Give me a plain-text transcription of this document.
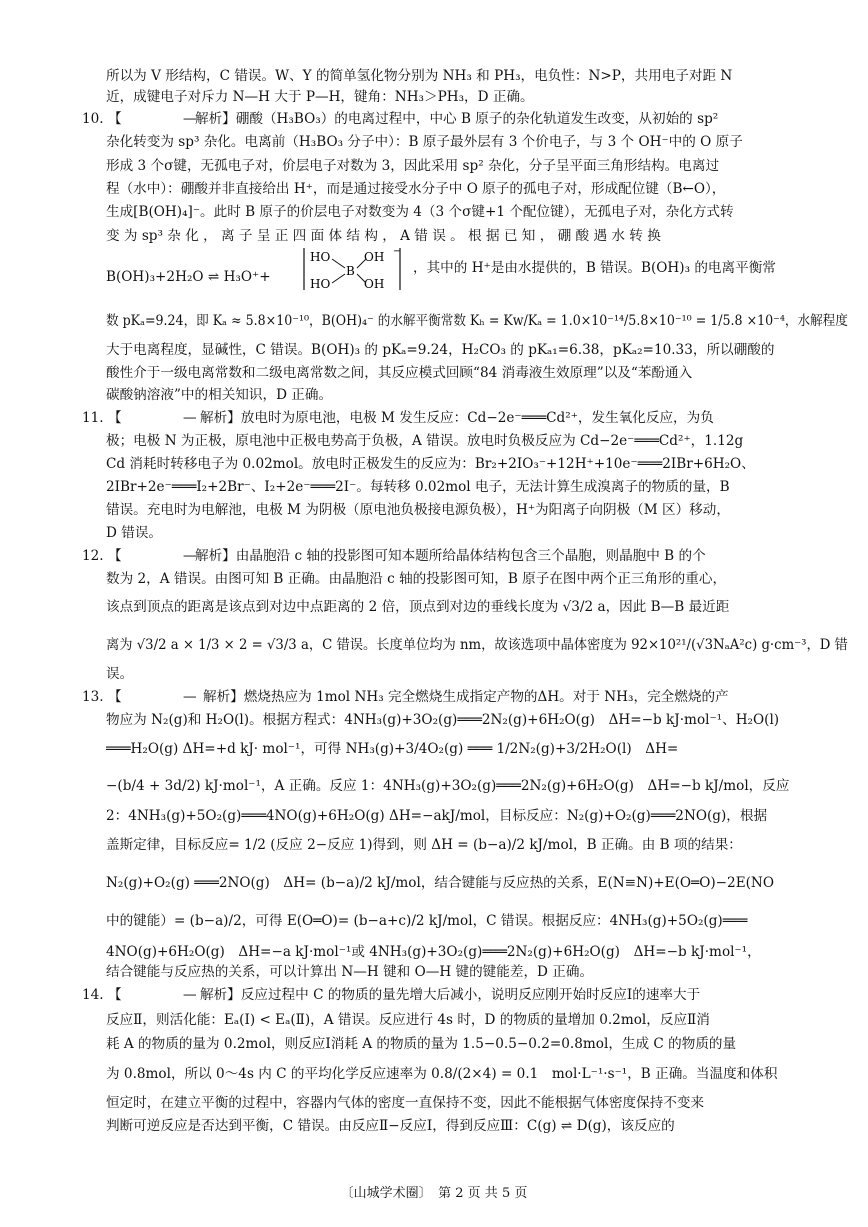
所以为 V 形结构，C 错误。W、Y 的简单氢化物分别为 NH₃ 和 PH₃，电负性：N>P，共用电子对距 N
近，成键电子对斥力 N—H 大于 P—H，键角：NH₃＞PH₃，D 正确。
解析】硼酸（H₃BO₃）的电离过程中，中心 B 原子的杂化轨道发生改变，从初始的 sp²
杂化转变为 sp³ 杂化。电离前（H₃BO₃ 分子中）：B 原子最外层有 3 个价电子，与 3 个 OH⁻中的 O 原子
形成 3 个σ键，无孤电子对，价层电子对数为 3，因此采用 sp² 杂化，分子呈平面三角形结构。电离过
程（水中）：硼酸并非直接给出 H⁺，而是通过接受水分子中 O 原子的孤电子对，形成配位键（B←O），
生成[B(OH)₄]⁻。此时 B 原子的价层电子对数变为 4（3 个σ键+1 个配位键），无孤电子对，杂化方式转
变 为 sp³ 杂 化 ， 离 子 呈 正 四 面 体 结 构 ， A 错 误 。 根 据 已 知 ， 硼 酸 遇 水 转 换
B(OH)₃+2H₂O ⇌ H₃O⁺+
，其中的 H⁺是由水提供的，B 错误。B(OH)₃ 的电离平衡常
数 pKₐ=9.24，即 Kₐ ≈ 5.8×10⁻¹⁰，B(OH)₄⁻ 的水解平衡常数 Kₕ = Kw/Kₐ = 1.0×10⁻¹⁴/5.8×10⁻¹⁰ = 1/5.8 ×10⁻⁴，水解程度
大于电离程度，显碱性，C 错误。B(OH)₃ 的 pKₐ=9.24，H₂CO₃ 的 pKₐ₁=6.38，pKₐ₂=10.33，所以硼酸的
酸性介于一级电离常数和二级电离常数之间，其反应模式回顾“84 消毒液生效原理”以及“苯酚通入
碳酸钠溶液”中的相关知识，D 正确。
解析】放电时为原电池，电极 M 发生反应：Cd−2e⁻═══Cd²⁺，发生氧化反应，为负
极；电极 N 为正极，原电池中正极电势高于负极，A 错误。放电时负极反应为 Cd−2e⁻═══Cd²⁺，1.12g
Cd 消耗时转移电子为 0.02mol。放电时正极发生的反应为：Br₂+2IO₃⁻+12H⁺+10e⁻═══2IBr+6H₂O、
2IBr+2e⁻═══I₂+2Br⁻、I₂+2e⁻═══2I⁻。每转移 0.02mol 电子，无法计算生成溴离子的物质的量，B
错误。充电时为电解池，电极 M 为阴极（原电池负极接电源负极），H⁺为阳离子向阴极（M 区）移动，
D 错误。
解析】由晶胞沿 c 轴的投影图可知本题所给晶体结构包含三个晶胞，则晶胞中 B 的个
数为 2，A 错误。由图可知 B 正确。由晶胞沿 c 轴的投影图可知，B 原子在图中两个正三角形的重心，
该点到顶点的距离是该点到对边中点距离的 2 倍，顶点到对边的垂线长度为 √3/2 a，因此 B—B 最近距
离为 √3/2 a × 1/3 × 2 = √3/3 a，C 错误。长度单位均为 nm，故该选项中晶体密度为 92×10²¹/(√3NₐA²c) g·cm⁻³，D 错
误。
解析】燃烧热应为 1mol NH₃ 完全燃烧生成指定产物的ΔH。对于 NH₃，完全燃烧的产
物应为 N₂(g)和 H₂O(l)。根据方程式：4NH₃(g)+3O₂(g)═══2N₂(g)+6H₂O(g)　ΔH=−b kJ·mol⁻¹、H₂O(l)
═══H₂O(g) ΔH=+d kJ· mol⁻¹，可得 NH₃(g)+3/4O₂(g) ═══ 1/2N₂(g)+3/2H₂O(l)　ΔH=
−(b/4 + 3d/2) kJ·mol⁻¹，A 正确。反应 1：4NH₃(g)+3O₂(g)═══2N₂(g)+6H₂O(g)　ΔH=−b kJ/mol，反应
2：4NH₃(g)+5O₂(g)═══4NO(g)+6H₂O(g) ΔH=−akJ/mol，目标反应：N₂(g)+O₂(g)═══2NO(g)，根据
盖斯定律，目标反应= 1/2 (反应 2−反应 1)得到，则 ΔH = (b−a)/2 kJ/mol，B 正确。由 B 项的结果：
N₂(g)+O₂(g) ═══2NO(g)　ΔH= (b−a)/2 kJ/mol，结合键能与反应热的关系，E(N≡N)+E(O═O)−2E(NO
中的键能）= (b−a)/2，可得 E(O═O)= (b−a+c)/2 kJ/mol，C 错误。根据反应：4NH₃(g)+5O₂(g)═══
4NO(g)+6H₂O(g)　ΔH=−a kJ·mol⁻¹或 4NH₃(g)+3O₂(g)═══2N₂(g)+6H₂O(g)　ΔH=−b kJ·mol⁻¹，
结合键能与反应热的关系，可以计算出 N—H 键和 O—H 键的键能差，D 正确。
解析】反应过程中 C 的物质的量先增大后减小，说明反应刚开始时反应Ⅰ的速率大于
反应Ⅱ，则活化能：Eₐ(Ⅰ) < Eₐ(Ⅱ)，A 错误。反应进行 4s 时，D 的物质的量增加 0.2mol，反应Ⅱ消
耗 A 的物质的量为 0.2mol，则反应Ⅰ消耗 A 的物质的量为 1.5−0.5−0.2=0.8mol，生成 C 的物质的量
为 0.8mol，所以 0～4s 内 C 的平均化学反应速率为 0.8/(2×4) = 0.1　mol·L⁻¹·s⁻¹，B 正确。当温度和体积
恒定时，在建立平衡的过程中，容器内气体的密度一直保持不变，因此不能根据气体密度保持不变来
判断可逆反应是否达到平衡，C 错误。由反应Ⅱ−反应Ⅰ，得到反应Ⅲ：C(g) ⇌ D(g)，该反应的
10. 【	—
11. 【	—
12. 【	—
13. 【	—
14. 【	—
HO	OH
B
HO	OH
−
〔山城学术圈〕　第 2 页 共 5 页
